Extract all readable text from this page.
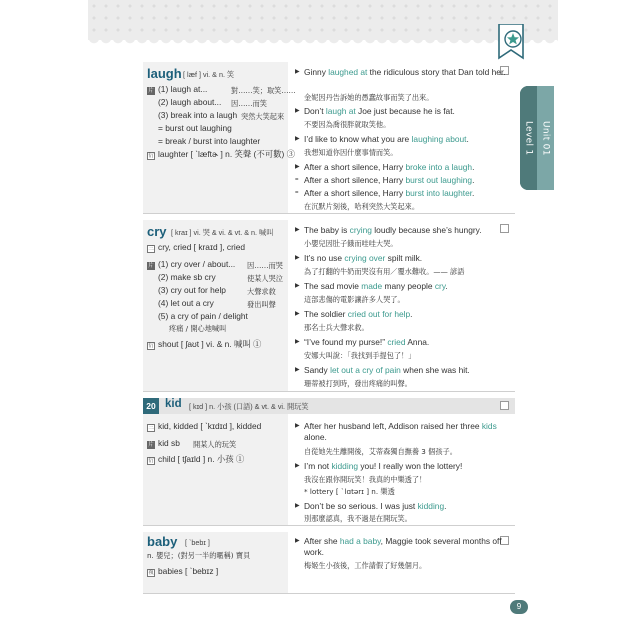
Level 1 Unit 01
laugh [ læf ] vi. & n. 笑
片 (1) laugh at...	對……笑；取笑……
(2) laugh about... 因……而笑
(3) break into a laugh 突然大笑起來
= burst out laughing
= break / burst into laughter
衍 laughter [ ˋlæftɚ ] n. 笑聲 (不可數) ③
▶ Ginny laughed at the ridiculous story that Dan told her.
金妮因丹告訴她的愚蠢故事而笑了出來。
▶ Don’t laugh at Joe just because he is fat.
不要因為喬很胖就取笑他。
▶ I’d like to know what you are laughing about.
我想知道你因什麼事情而笑。
▶ After a short silence, Harry broke into a laugh.
= After a short silence, Harry burst out laughing.
= After a short silence, Harry burst into laughter.
在沉默片刻後，哈利突然大笑起來。
cry [ kraɪ ] vi. 哭 & vi. & vt. & n. 喊叫
三 cry, cried [ kraɪd ], cried
片 (1) cry over / about... 因……而哭
(2) make sb cry	使某人哭泣
(3) cry out for help	大聲求救
(4) let out a cry	發出叫聲
(5) a cry of pain / delight
疼痛 / 開心地喊叫
衍 shout [ ʃaʊt ] vi. & n. 喊叫 ①
▶ The baby is crying loudly because she’s hungry.
小嬰兒因肚子餓而哇哇大哭。
▶ It’s no use crying over spilt milk.
為了打翻的牛奶而哭沒有用／覆水難收。—— 諺語
▶ The sad movie made many people cry.
這部悲傷的電影讓許多人哭了。
▶ The soldier cried out for help.
那名士兵大聲求救。
▶ “I’ve found my purse!” cried Anna.
安娜大叫說：「我找到手提包了！」
▶ Sandy let out a cry of pain when she was hit.
珊蒂被打到時，發出疼痛的叫聲。
20 kid [ kɪd ] n. 小孩 (口語) & vt. & vi. 開玩笑
三 kid, kidded [ ˋkɪdɪd ], kidded
片 kid sb 開某人的玩笑
衍 child [ tʃaɪld ] n. 小孩 ①
▶ After her husband left, Addison raised her three kids alone.
自從她先生離開後，艾蒂森獨自撫養 3 個孩子。
▶ I’m not kidding you! I really won the lottery!
我沒在跟你開玩笑！我真的中樂透了！
* lottery [ ˋlɑtərɪ ] n. 樂透
▶ Don’t be so serious. I was just kidding.
別那麼認真，我不過是在開玩笑。
baby [ ˋbebɪ ]
n. 嬰兒；(對另一半的暱稱) 寶貝
複 babies [ ˋbebɪz ]
▶ After she had a baby, Maggie took several months off work.
梅姬生小孩後，工作請假了好幾個月。
9
